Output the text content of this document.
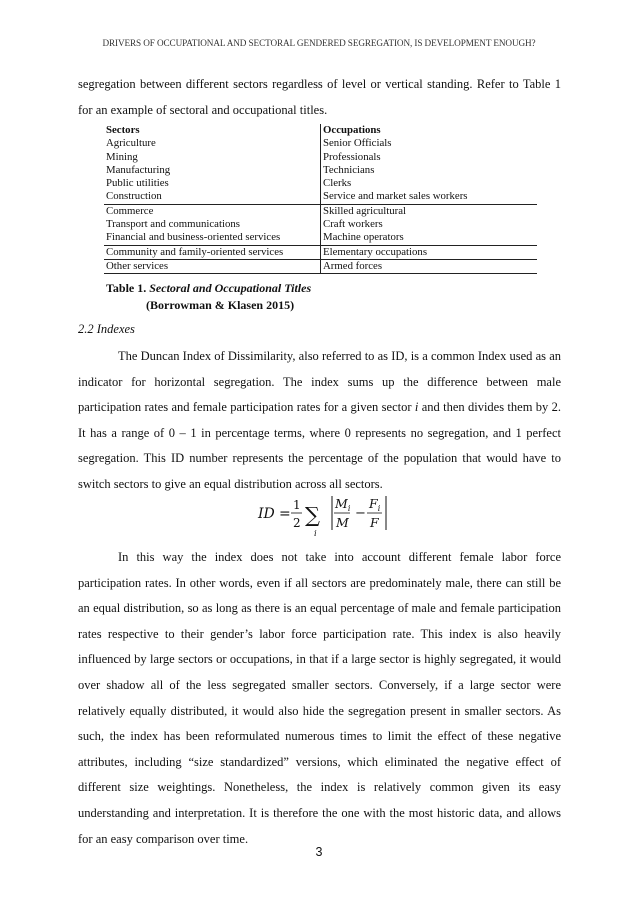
DRIVERS OF OCCUPATIONAL AND SECTORAL GENDERED SEGREGATION, IS DEVELOPMENT ENOUGH?

segregation between different sectors regardless of level or vertical standing. Refer to Table 1 for an example of sectoral and occupational titles.

Sectors	Occupations
Agriculture	Senior Officials
Mining	Professionals
Manufacturing	Technicians
Public utilities	Clerks
Construction	Service and market sales workers
Commerce	Skilled agricultural
Transport and communications	Craft workers
Financial and business-oriented services	Machine operators
Community and family-oriented services	Elementary occupations
Other services	Armed forces
Table 1. Sectoral and Occupational Titles
(Borrowman & Klasen 2015)
2.2 Indexes

The Duncan Index of Dissimilarity, also referred to as ID, is a common Index used as an indicator for horizontal segregation. The index sums up the difference between male participation rates and female participation rates for a given sector i and then divides them by 2. It has a range of 0 – 1 in percentage terms, where 0 represents no segregation, and 1 perfect segregation. This ID number represents the percentage of the population that would have to switch sectors to give an equal distribution across all sectors.

ID =
1
2 ∑
i
$M_i$
M
−
$F_i$
F

In this way the index does not take into account different female labor force participation rates. In other words, even if all sectors are predominately male, there can still be an equal distribution, so as long as there is an equal percentage of male and female participation rates respective to their gender’s labor force participation rate. This index is also heavily influenced by large sectors or occupations, in that if a large sector is highly segregated, it would over shadow all of the less segregated smaller sectors. Conversely, if a large sector were relatively equally distributed, it would also hide the segregation present in smaller sectors. As such, the index has been reformulated numerous times to limit the effect of these negative attributes, including “size standardized” versions, which eliminated the negative effect of different size weightings. Nonetheless, the index is relatively common given its easy understanding and interpretation. It is therefore the one with the most historic data, and allows for an easy comparison over time.

3
